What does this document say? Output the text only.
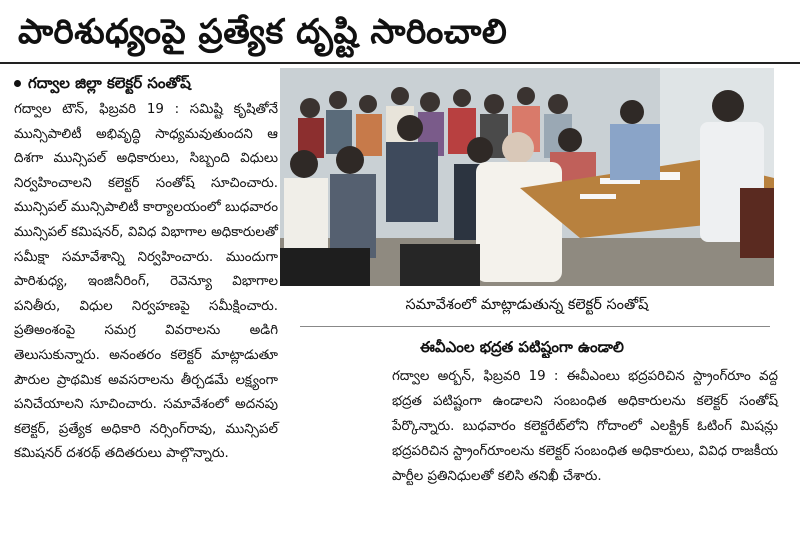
పారిశుధ్యంపై ప్రత్యేక దృష్టి సారించాలి
గద్వాల జిల్లా కలెక్టర్ సంతోష్

గద్వాల టౌన్, ఫిబ్రవరి 19 : సమిష్టి కృషితోనే మున్సిపాలిటీ అభివృద్ధి సాధ్యమవుతుందని ఆ దిశగా మున్సిపల్ అధికారులు, సిబ్బంది విధులు నిర్వహించాలని కలెక్టర్ సంతోష్ సూచించారు. మున్సిపల్ మున్సిపాలిటీ కార్యాలయంలో బుధవారం మున్సిపల్ కమిషనర్, వివిధ విభాగాల అధికారులతో సమీక్షా సమావేశాన్ని నిర్వహించారు. ముందుగా పారిశుధ్య, ఇంజినీరింగ్, రెవెన్యూ విభాగాల పనితీరు, విధుల నిర్వహణపై సమీక్షించారు. ప్రతిఅంశంపై సమగ్ర వివరాలను అడిగి తెలుసుకున్నారు. అనంతరం కలెక్టర్ మాట్లాడుతూ పౌరుల ప్రాథమిక అవసరాలను తీర్చడమే లక్ష్యంగా పనిచేయాలని సూచించారు. సమావేశంలో అదనపు కలెక్టర్, ప్రత్యేక అధికారి నర్సింగ్‌రావు, మున్సిపల్ కమిషనర్ దశరథ్ తదితరులు పాల్గొన్నారు.

సమావేశంలో మాట్లాడుతున్న కలెక్టర్ సంతోష్
ఈవీఎంల భద్రత పటిష్టంగా ఉండాలి

గద్వాల అర్బన్, ఫిబ్రవరి 19 : ఈవీఎంలు భద్రపరిచిన స్ట్రాంగ్‌రూం వద్ద భద్రత పటిష్టంగా ఉండాలని సంబంధిత అధికారులను కలెక్టర్ సంతోష్ పేర్కొన్నారు. బుధవారం కలెక్టరేట్‌లోని గోదాంలో ఎలక్ట్రిక్ ఓటింగ్ మిషన్లు భద్రపరిచిన స్ట్రాంగ్‌రూంలను కలెక్టర్ సంబంధిత అధికారులు, వివిధ రాజకీయ పార్టీల ప్రతినిధులతో కలిసి తనిఖీ చేశారు.
